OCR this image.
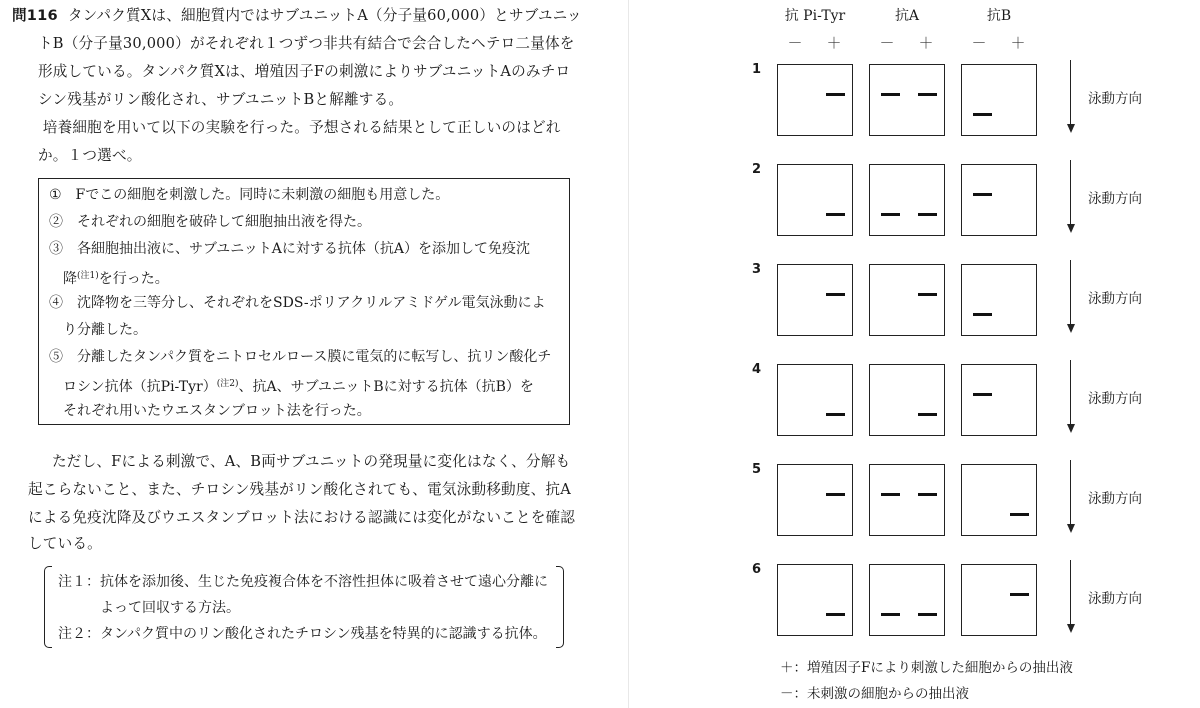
問116 タンパク質Xは、細胞質内ではサブユニットA（分子量60,000）とサブユニッ
トB（分子量30,000）がそれぞれ１つずつ非共有結合で会合したヘテロ二量体を
形成している。タンパク質Xは、増殖因子Fの刺激によりサブユニットAのみチロ
シン残基がリン酸化され、サブユニットBと解離する。
　培養細胞を用いて以下の実験を行った。予想される結果として正しいのはどれ
か。１つ選べ。
①　Fでこの細胞を刺激した。同時に未刺激の細胞も用意した。
②　それぞれの細胞を破砕して細胞抽出液を得た。
③　各細胞抽出液に、サブユニットAに対する抗体（抗A）を添加して免疫沈
　降$^{(注1)}$を行った。
④　沈降物を三等分し、それぞれをSDS-ポリアクリルアミドゲル電気泳動によ
　り分離した。
⑤　分離したタンパク質をニトロセルロース膜に電気的に転写し、抗リン酸化チ
　ロシン抗体（抗Pi-Tyr）$^{(注2)}$、抗A、サブユニットBに対する抗体（抗B）を
　それぞれ用いたウエスタンブロット法を行った。
ただし、Fによる刺激で、A、B両サブユニットの発現量に変化はなく、分解も
起こらないこと、また、チロシン残基がリン酸化されても、電気泳動移動度、抗A
による免疫沈降及びウエスタンブロット法における認識には変化がないことを確認
している。
注１：抗体を添加後、生じた免疫複合体を不溶性担体に吸着させて遠心分離に
　　　よって回収する方法。
注２：タンパク質中のリン酸化されたチロシン残基を特異的に認識する抗体。
抗 Pi-Tyr
－ ＋
抗A
－ ＋
抗B
－ ＋
1
泳動方向
2
泳動方向
3
泳動方向
4
泳動方向
5
泳動方向
6
泳動方向
＋：増殖因子Fにより刺激した細胞からの抽出液
－：未刺激の細胞からの抽出液
